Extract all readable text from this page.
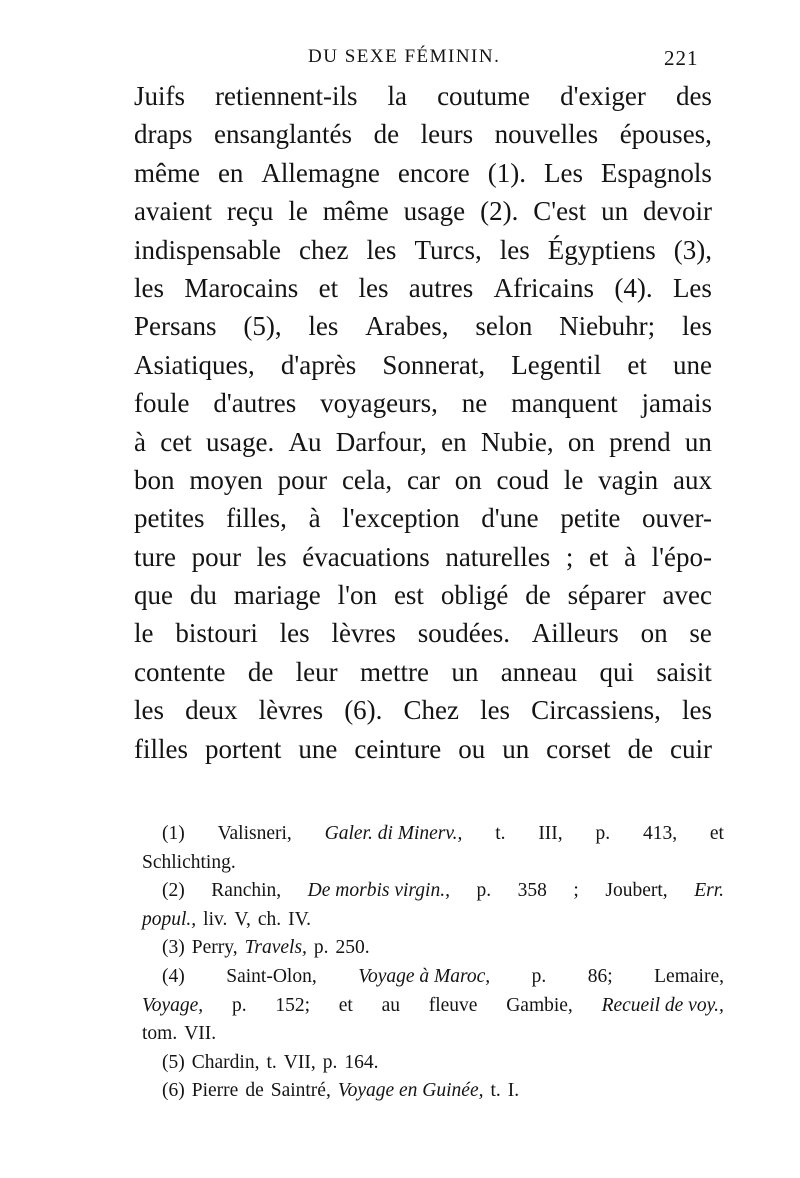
DU SEXE FÉMININ.	221
Juifs retiennent-ils la coutume d'exiger des
draps ensanglantés de leurs nouvelles épouses,
même en Allemagne encore (1). Les Espagnols
avaient reçu le même usage (2). C'est un devoir
indispensable chez les Turcs, les Égyptiens (3),
les Marocains et les autres Africains (4). Les
Persans (5), les Arabes, selon Niebuhr; les
Asiatiques, d'après Sonnerat, Legentil et une
foule d'autres voyageurs, ne manquent jamais
à cet usage. Au Darfour, en Nubie, on prend un
bon moyen pour cela, car on coud le vagin aux
petites filles, à l'exception d'une petite ouver-
ture pour les évacuations naturelles ; et à l'épo-
que du mariage l'on est obligé de séparer avec
le bistouri les lèvres soudées. Ailleurs on se
contente de leur mettre un anneau qui saisit
les deux lèvres (6). Chez les Circassiens, les
filles portent une ceinture ou un corset de cuir
(1) Valisneri, Galer. di Minerv., t. III, p. 413, et
Schlichting.
(2) Ranchin, De morbis virgin., p. 358 ; Joubert, Err.
popul., liv. V, ch. IV.
(3) Perry, Travels, p. 250.
(4) Saint-Olon, Voyage à Maroc, p. 86; Lemaire,
Voyage, p. 152; et au fleuve Gambie, Recueil de voy.,
tom. VII.
(5) Chardin, t. VII, p. 164.
(6) Pierre de Saintré, Voyage en Guinée, t. I.
